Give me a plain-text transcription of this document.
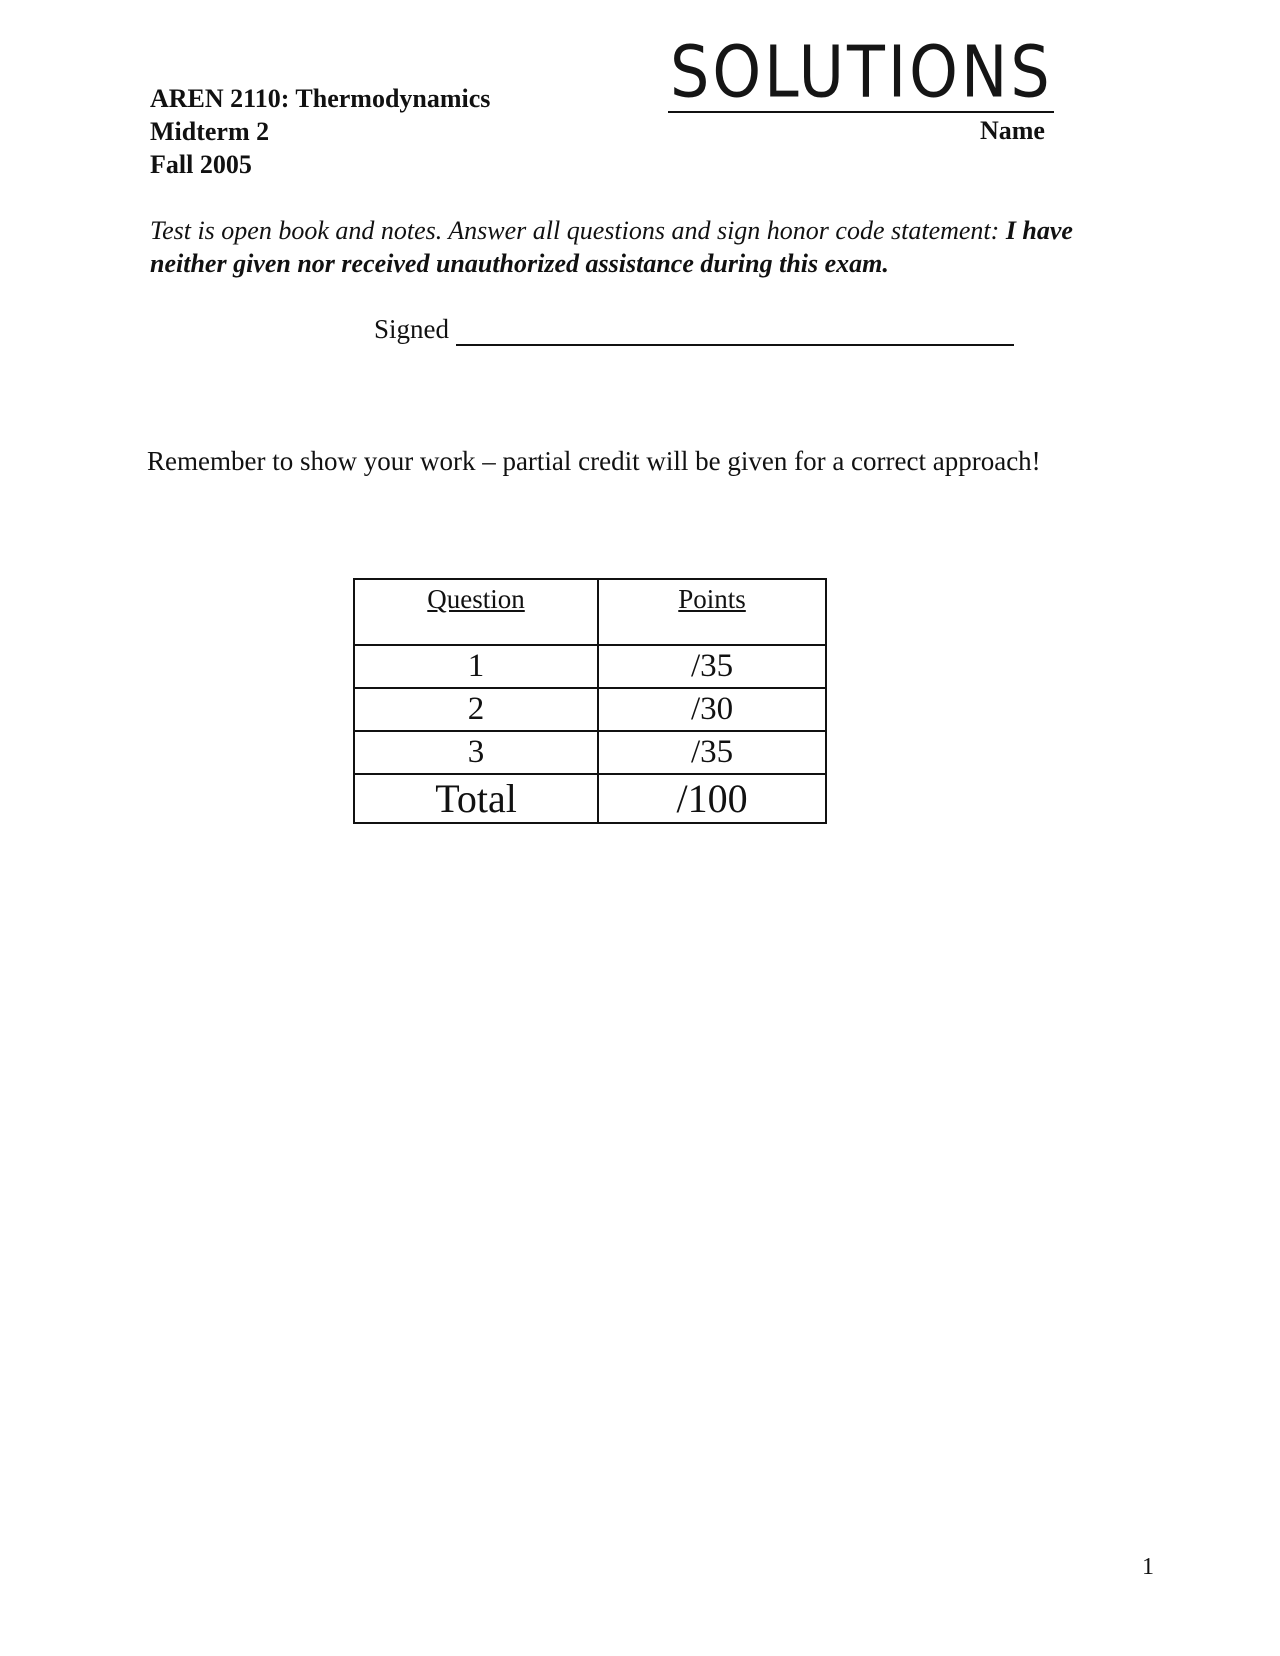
AREN 2110: Thermodynamics
Midterm 2
Fall 2005
SOLUTIONS
Name
Test is open book and notes. Answer all questions and sign honor code statement: I have neither given nor received unauthorized assistance during this exam.
Signed
Remember to show your work – partial credit will be given for a correct approach!
Question	Points
1	/35
2	/30
3	/35
Total	/100
1
